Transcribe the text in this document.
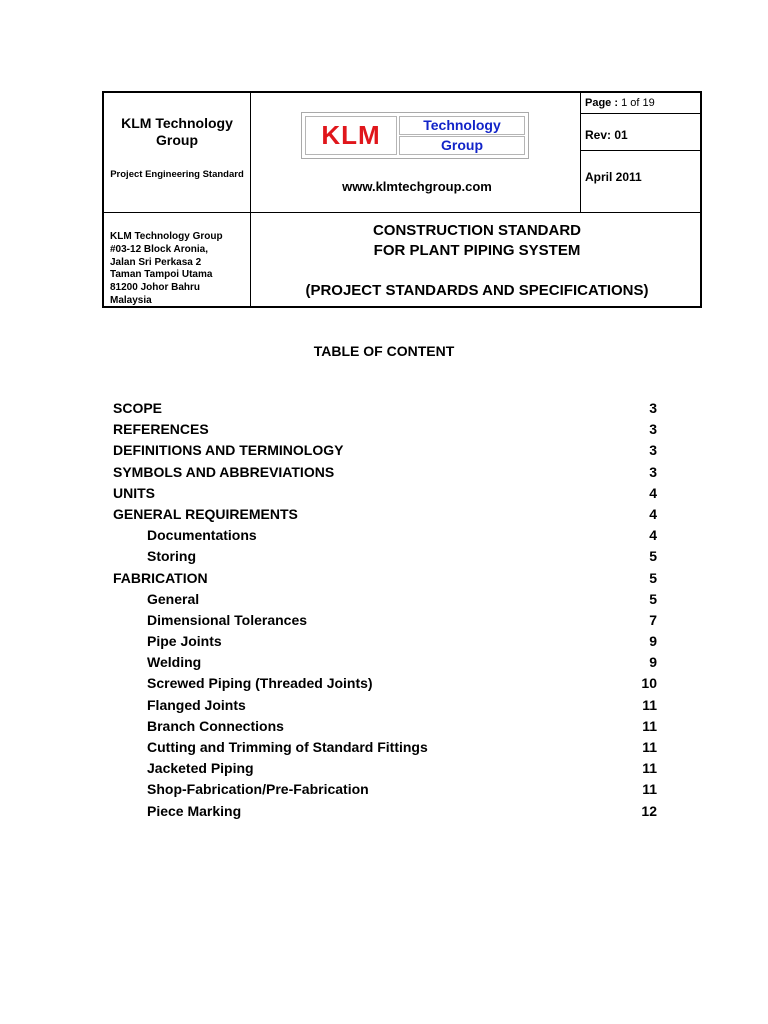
KLM Technology Group
Project Engineering Standard
KLM Technology Group
#03-12 Block Aronia,
Jalan Sri Perkasa 2
Taman Tampoi Utama
81200 Johor Bahru
Malaysia
KLM	Technology
Group
www.klmtechgroup.com
CONSTRUCTION STANDARD
FOR PLANT PIPING SYSTEM
(PROJECT STANDARDS AND SPECIFICATIONS)
Page : 1 of 19
Rev: 01
April 2011
TABLE OF CONTENT
SCOPE	3
REFERENCES	3
DEFINITIONS AND TERMINOLOGY	3
SYMBOLS AND ABBREVIATIONS	3
UNITS	4
GENERAL REQUIREMENTS	4
Documentations	4
Storing	5
FABRICATION	5
General	5
Dimensional Tolerances	7
Pipe Joints	9
Welding	9
Screwed Piping (Threaded Joints)	10
Flanged Joints	11
Branch Connections	11
Cutting and Trimming of Standard Fittings	11
Jacketed Piping	11
Shop-Fabrication/Pre-Fabrication	11
Piece Marking	12
